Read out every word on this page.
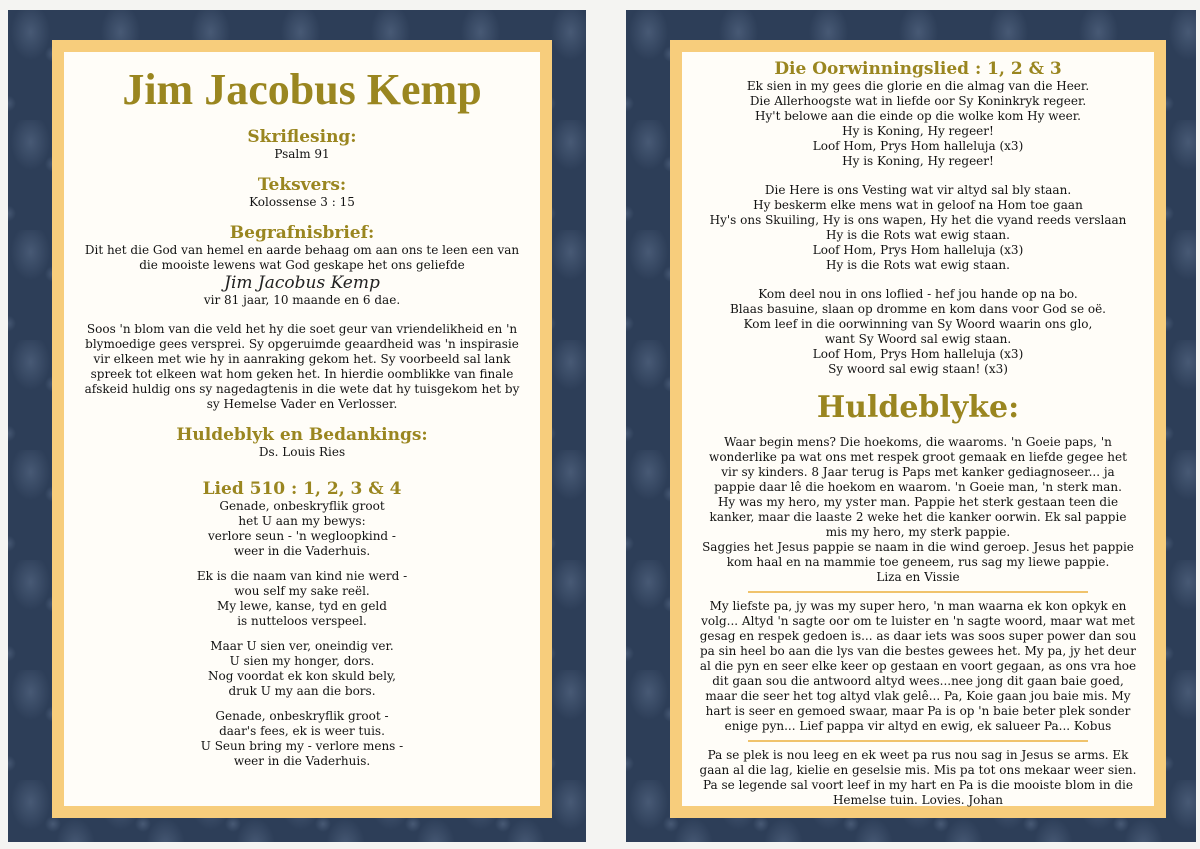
Jim Jacobus Kemp
Skriflesing:
Psalm 91
Teksvers:
Kolossense 3 : 15
Begrafnisbrief:
Dit het die God van hemel en aarde behaag om aan ons te leen een van
die mooiste lewens wat God geskape het ons geliefde
Jim Jacobus Kemp
vir 81 jaar, 10 maande en 6 dae.
Soos 'n blom van die veld het hy die soet geur van vriendelikheid en 'n
blymoedige gees versprei. Sy opgeruimde geaardheid was 'n inspirasie
vir elkeen met wie hy in aanraking gekom het. Sy voorbeeld sal lank
spreek tot elkeen wat hom geken het. In hierdie oomblikke van finale
afskeid huldig ons sy nagedagtenis in die wete dat hy tuisgekom het by
sy Hemelse Vader en Verlosser.
Huldeblyk en Bedankings:
Ds. Louis Ries
Lied 510 : 1, 2, 3 & 4
Genade, onbeskryflik groot
het U aan my bewys:
verlore seun - 'n wegloopkind -
weer in die Vaderhuis.
Ek is die naam van kind nie werd -
wou self my sake reël.
My lewe, kanse, tyd en geld
is nutteloos verspeel.
Maar U sien ver, oneindig ver.
U sien my honger, dors.
Nog voordat ek kon skuld bely,
druk U my aan die bors.
Genade, onbeskryflik groot -
daar's fees, ek is weer tuis.
U Seun bring my - verlore mens -
weer in die Vaderhuis.
Die Oorwinningslied : 1, 2 & 3
Ek sien in my gees die glorie en die almag van die Heer.
Die Allerhoogste wat in liefde oor Sy Koninkryk regeer.
Hy't belowe aan die einde op die wolke kom Hy weer.
Hy is Koning, Hy regeer!
Loof Hom, Prys Hom halleluja (x3)
Hy is Koning, Hy regeer!
Die Here is ons Vesting wat vir altyd sal bly staan.
Hy beskerm elke mens wat in geloof na Hom toe gaan
Hy's ons Skuiling, Hy is ons wapen, Hy het die vyand reeds verslaan
Hy is die Rots wat ewig staan.
Loof Hom, Prys Hom halleluja (x3)
Hy is die Rots wat ewig staan.
Kom deel nou in ons loflied - hef jou hande op na bo.
Blaas basuine, slaan op dromme en kom dans voor God se oë.
Kom leef in die oorwinning van Sy Woord waarin ons glo,
want Sy Woord sal ewig staan.
Loof Hom, Prys Hom halleluja (x3)
Sy woord sal ewig staan! (x3)
Huldeblyke:
Waar begin mens? Die hoekoms, die waaroms. 'n Goeie paps, 'n
wonderlike pa wat ons met respek groot gemaak en liefde gegee het
vir sy kinders. 8 Jaar terug is Paps met kanker gediagnoseer... ja
pappie daar lê die hoekom en waarom. 'n Goeie man, 'n sterk man.
Hy was my hero, my yster man. Pappie het sterk gestaan teen die
kanker, maar die laaste 2 weke het die kanker oorwin. Ek sal pappie
mis my hero, my sterk pappie.
Saggies het Jesus pappie se naam in die wind geroep. Jesus het pappie
kom haal en na mammie toe geneem, rus sag my liewe pappie.
Liza en Vissie
My liefste pa, jy was my super hero, 'n man waarna ek kon opkyk en
volg... Altyd 'n sagte oor om te luister en 'n sagte woord, maar wat met
gesag en respek gedoen is... as daar iets was soos super power dan sou
pa sin heel bo aan die lys van die bestes gewees het. My pa, jy het deur
al die pyn en seer elke keer op gestaan en voort gegaan, as ons vra hoe
dit gaan sou die antwoord altyd wees...nee jong dit gaan baie goed,
maar die seer het tog altyd vlak gelê... Pa, Koie gaan jou baie mis. My
hart is seer en gemoed swaar, maar Pa is op 'n baie beter plek sonder
enige pyn... Lief pappa vir altyd en ewig, ek salueer Pa... Kobus
Pa se plek is nou leeg en ek weet pa rus nou sag in Jesus se arms. Ek
gaan al die lag, kielie en geselsie mis. Mis pa tot ons mekaar weer sien.
Pa se legende sal voort leef in my hart en Pa is die mooiste blom in die
Hemelse tuin. Lovies. Johan
